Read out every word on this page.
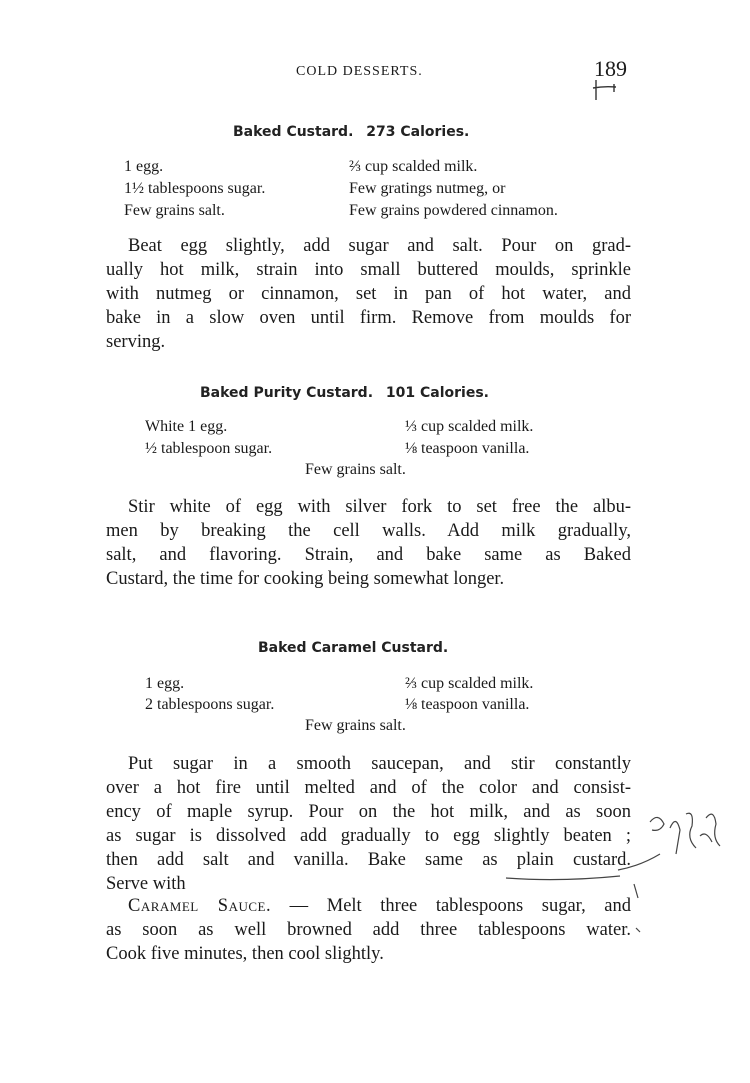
COLD DESSERTS.	189
Baked Custard. 273 Calories.
1 egg.
1½ tablespoons sugar.
Few grains salt.
⅔ cup scalded milk.
Few gratings nutmeg, or
Few grains powdered cinnamon.
Beat egg slightly, add sugar and salt. Pour on grad-
ually hot milk, strain into small buttered moulds, sprinkle
with nutmeg or cinnamon, set in pan of hot water, and
bake in a slow oven until firm. Remove from moulds for
serving.
Baked Purity Custard. 101 Calories.
White 1 egg.
½ tablespoon sugar.
⅓ cup scalded milk.
⅛ teaspoon vanilla.
Few grains salt.
Stir white of egg with silver fork to set free the albu-
men by breaking the cell walls. Add milk gradually,
salt, and flavoring. Strain, and bake same as Baked
Custard, the time for cooking being somewhat longer.
Baked Caramel Custard.
1 egg.
2 tablespoons sugar.
⅔ cup scalded milk.
⅛ teaspoon vanilla.
Few grains salt.
Put sugar in a smooth saucepan, and stir constantly
over a hot fire until melted and of the color and consist-
ency of maple syrup. Pour on the hot milk, and as soon
as sugar is dissolved add gradually to egg slightly beaten ;
then add salt and vanilla. Bake same as plain custard.
Serve with
Caramel Sauce. — Melt three tablespoons sugar, and
as soon as well browned add three tablespoons water.
Cook five minutes, then cool slightly.
